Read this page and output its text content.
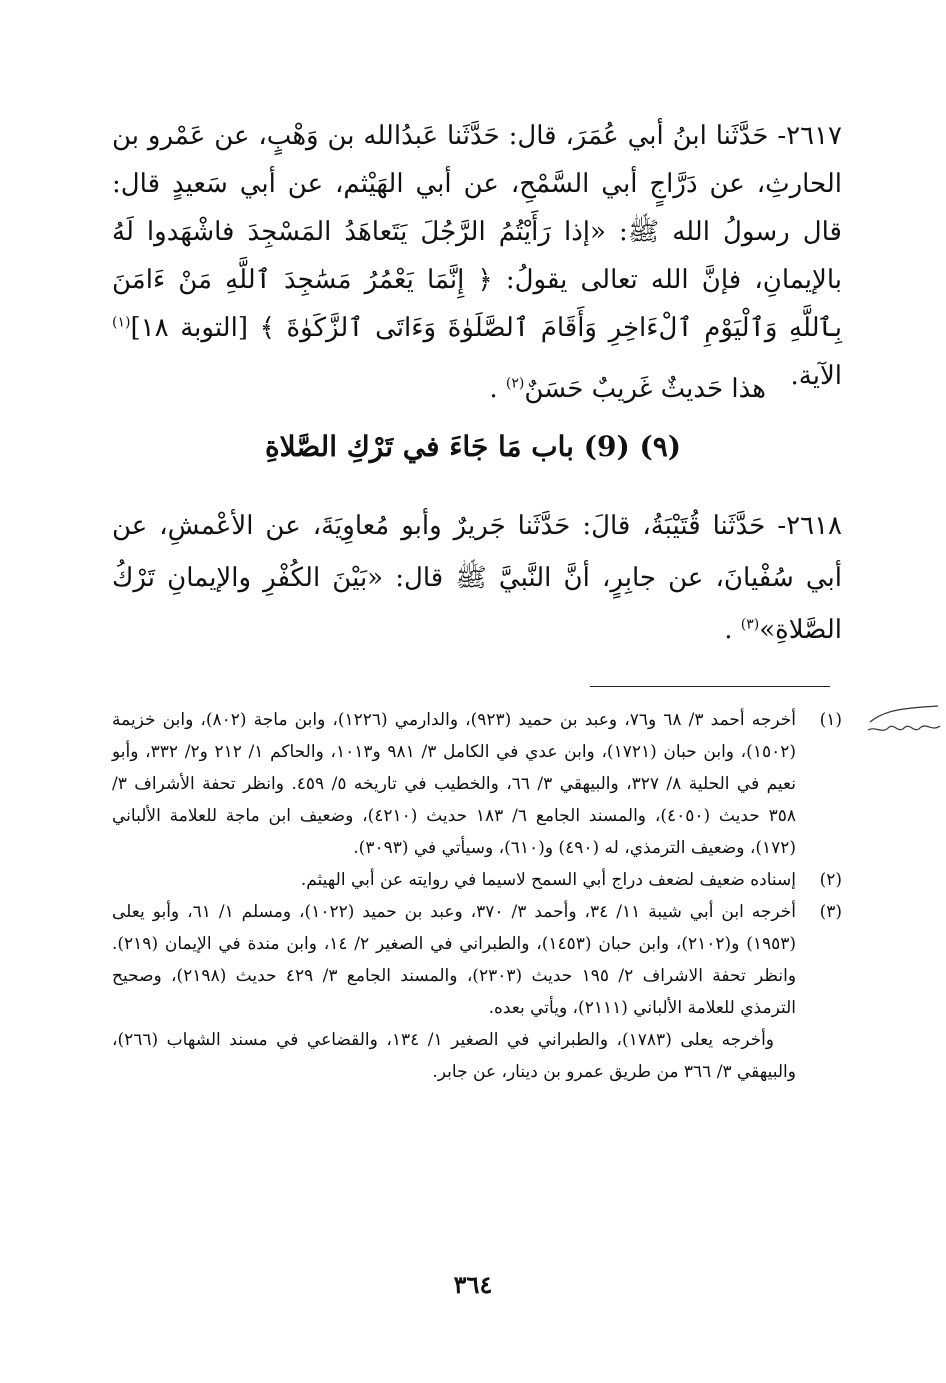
٢٦١٧- حَدَّثَنا ابنُ أبي عُمَرَ، قال: حَدَّثَنا عَبدُالله بن وَهْبٍ، عن عَمْرو بن الحارثِ، عن دَرَّاجٍ أبي السَّمْحِ، عن أبي الهَيْثم، عن أبي سَعيدٍ قال: قال رسولُ الله ﷺ: «إذا رَأَيْتُمُ الرَّجُلَ يَتَعاهَدُ المَسْجِدَ فاشْهَدوا لَهُ بالإيمانِ، فإنَّ الله تعالى يقولُ: ﴿ إِنَّمَا يَعْمُرُ مَسَٰجِدَ ٱللَّهِ مَنْ ءَامَنَ بِٱللَّهِ وَٱلْيَوْمِ ٱلْءَاخِرِ وَأَقَامَ ٱلصَّلَوٰةَ وَءَاتَى ٱلزَّكَوٰةَ ﴾ [التوبة ١٨]$^{(١)}$ الآية.

هذا حَديثٌ غَريبٌ حَسَنٌ$^{(٢)}$ .

(٩) (9) باب مَا جَاءَ في تَرْكِ الصَّلاةِ

٢٦١٨- حَدَّثَنا قُتَيْبَةُ، قالَ: حَدَّثَنا جَريرٌ وأبو مُعاوِيَةَ، عن الأعْمشِ، عن أبي سُفْيانَ، عن جابِرٍ، أنَّ النَّبيَّ ﷺ قال: «بَيْنَ الكُفْرِ والإيمانِ تَرْكُ الصَّلاةِ»$^{(٣)}$ .

(١)
أخرجه أحمد ٣/ ٦٨ و٧٦، وعبد بن حميد (٩٢٣)، والدارمي (١٢٢٦)، وابن ماجة (٨٠٢)، وابن خزيمة (١٥٠٢)، وابن حبان (١٧٢١)، وابن عدي في الكامل ٣/ ٩٨١ و١٠١٣، والحاكم ١/ ٢١٢ و٢/ ٣٣٢، وأبو نعيم في الحلية ٨/ ٣٢٧، والبيهقي ٣/ ٦٦، والخطيب في تاريخه ٥/ ٤٥٩. وانظر تحفة الأشراف ٣/ ٣٥٨ حديث (٤٠٥٠)، والمسند الجامع ٦/ ١٨٣ حديث (٤٢١٠)، وضعيف ابن ماجة للعلامة الألباني (١٧٢)، وضعيف الترمذي، له (٤٩٠) و(٦١٠)، وسيأتي في (٣٠٩٣).
(٢)
إسناده ضعيف لضعف دراج أبي السمح لاسيما في روايته عن أبي الهيثم.
(٣)
أخرجه ابن أبي شيبة ١١/ ٣٤، وأحمد ٣/ ٣٧٠، وعبد بن حميد (١٠٢٢)، ومسلم ١/ ٦١، وأبو يعلى (١٩٥٣) و(٢١٠٢)، وابن حبان (١٤٥٣)، والطبراني في الصغير ٢/ ١٤، وابن مندة في الإيمان (٢١٩). وانظر تحفة الاشراف ٢/ ١٩٥ حديث (٢٣٠٣)، والمسند الجامع ٣/ ٤٢٩ حديث (٢١٩٨)، وصحيح الترمذي للعلامة الألباني (٢١١١)، ويأتي بعده.
وأخرجه يعلى (١٧٨٣)، والطبراني في الصغير ١/ ١٣٤، والقضاعي في مسند الشهاب (٢٦٦)، والبيهقي ٣/ ٣٦٦ من طريق عمرو بن دينار، عن جابر.
٣٦٤
